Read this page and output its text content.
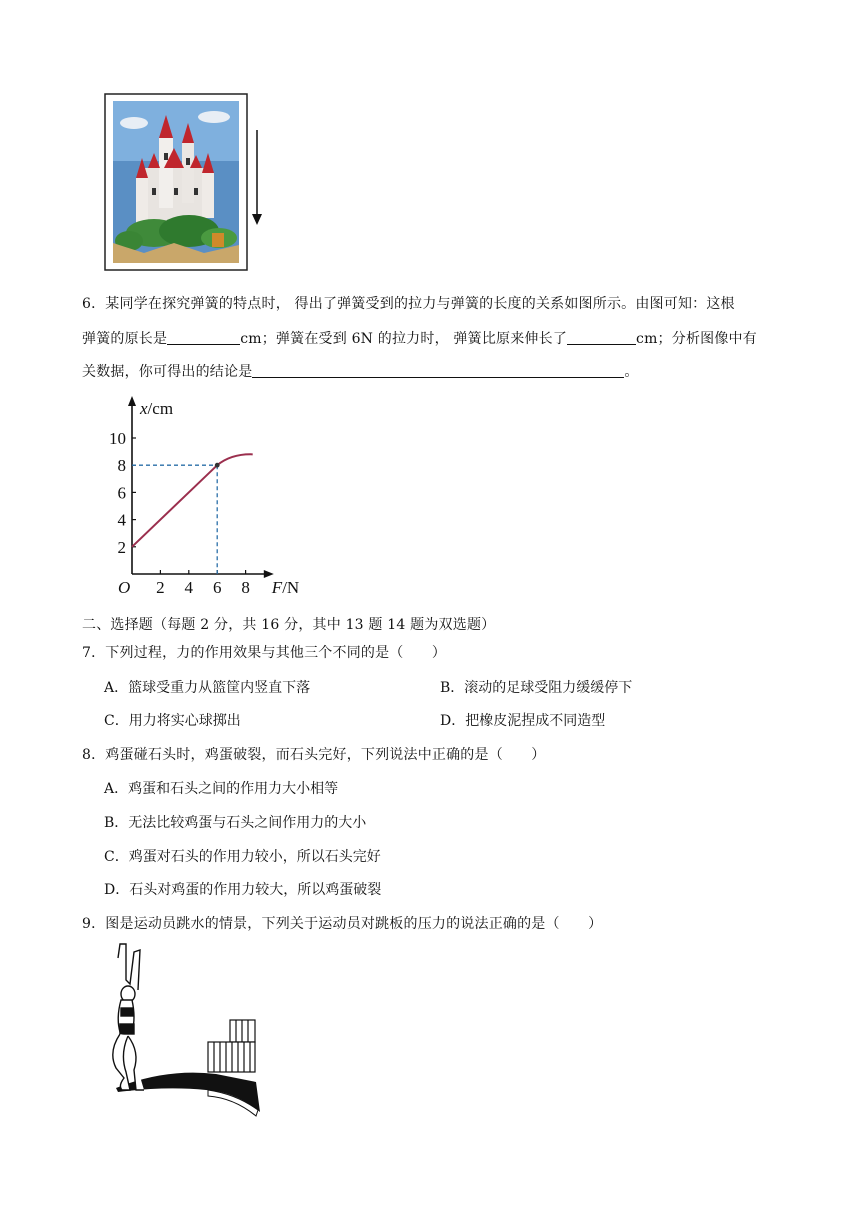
6．某同学在探究弹簧的特点时， 得出了弹簧受到的拉力与弹簧的长度的关系如图所示。由图可知：这根
弹簧的原长是	cm；弹簧在受到 6N 的拉力时， 弹簧比原来伸长了	cm；分析图像中有
关数据，你可得出的结论是	。
2 4 6 8
2
4
6
8
10
O
x/cm
F/N
二、选择题（每题 2 分，共 16 分，其中 13 题 14 题为双选题）
7．下列过程，力的作用效果与其他三个不同的是（　　）
A．篮球受重力从篮筐内竖直下落	B．滚动的足球受阻力缓缓停下
C．用力将实心球掷出	D．把橡皮泥捏成不同造型
8．鸡蛋碰石头时，鸡蛋破裂，而石头完好，下列说法中正确的是（　　）
A．鸡蛋和石头之间的作用力大小相等
B．无法比较鸡蛋与石头之间作用力的大小
C．鸡蛋对石头的作用力较小，所以石头完好
D．石头对鸡蛋的作用力较大，所以鸡蛋破裂
9．图是运动员跳水的情景，下列关于运动员对跳板的压力的说法正确的是（　　）
